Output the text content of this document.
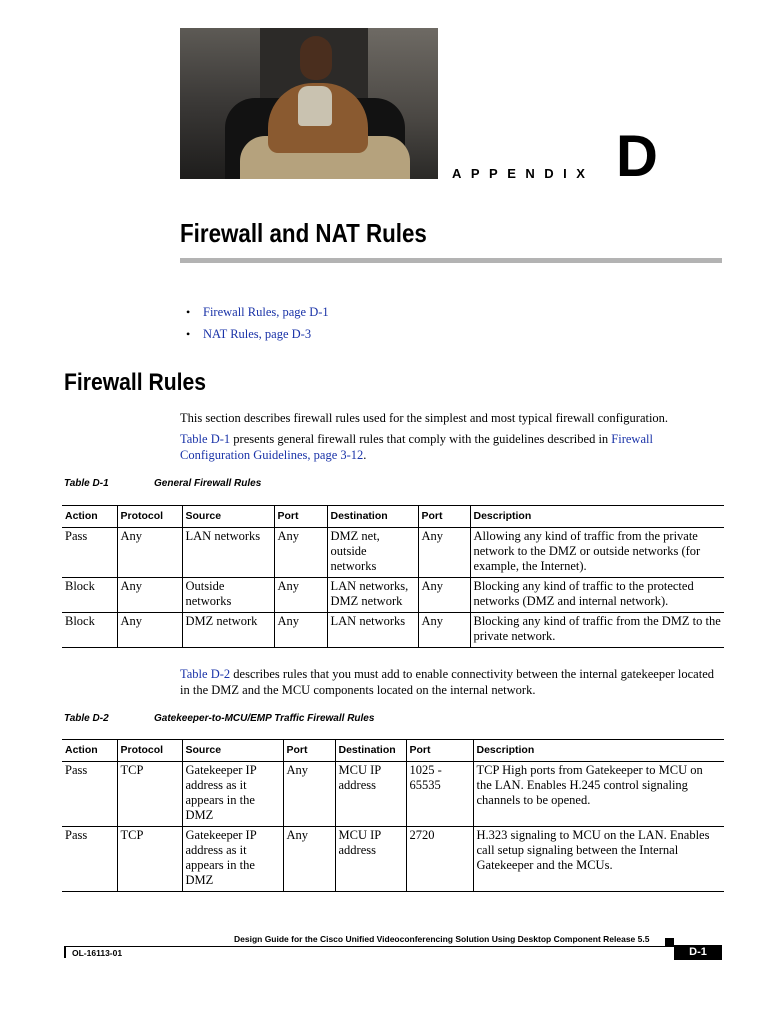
APPENDIX D
Firewall and NAT Rules
• Firewall Rules, page D-1
• NAT Rules, page D-3
Firewall Rules
This section describes firewall rules used for the simplest and most typical firewall configuration.
Table D-1 presents general firewall rules that comply with the guidelines described in Firewall Configuration Guidelines, page 3-12.
Table D-1	General Firewall Rules
Action	Protocol	Source	Port	Destination	Port	Description
Pass	Any	LAN networks	Any	DMZ net, outside networks	Any	Allowing any kind of traffic from the private network to the DMZ or outside networks (for example, the Internet).
Block	Any	Outside networks	Any	LAN networks, DMZ network	Any	Blocking any kind of traffic to the protected networks (DMZ and internal network).
Block	Any	DMZ network	Any	LAN networks	Any	Blocking any kind of traffic from the DMZ to the private network.
Table D-2 describes rules that you must add to enable connectivity between the internal gatekeeper located in the DMZ and the MCU components located on the internal network.
Table D-2	Gatekeeper-to-MCU/EMP Traffic Firewall Rules
Action	Protocol	Source	Port	Destination	Port	Description
Pass	TCP	Gatekeeper IP address as it appears in the DMZ	Any	MCU IP address	1025 - 65535	TCP High ports from Gatekeeper to MCU on the LAN. Enables H.245 control signaling channels to be opened.
Pass	TCP	Gatekeeper IP address as it appears in the DMZ	Any	MCU IP address	2720	H.323 signaling to MCU on the LAN. Enables call setup signaling between the Internal Gatekeeper and the MCUs.
Design Guide for the Cisco Unified Videoconferencing Solution Using Desktop Component Release 5.5
OL-16113-01	D-1
